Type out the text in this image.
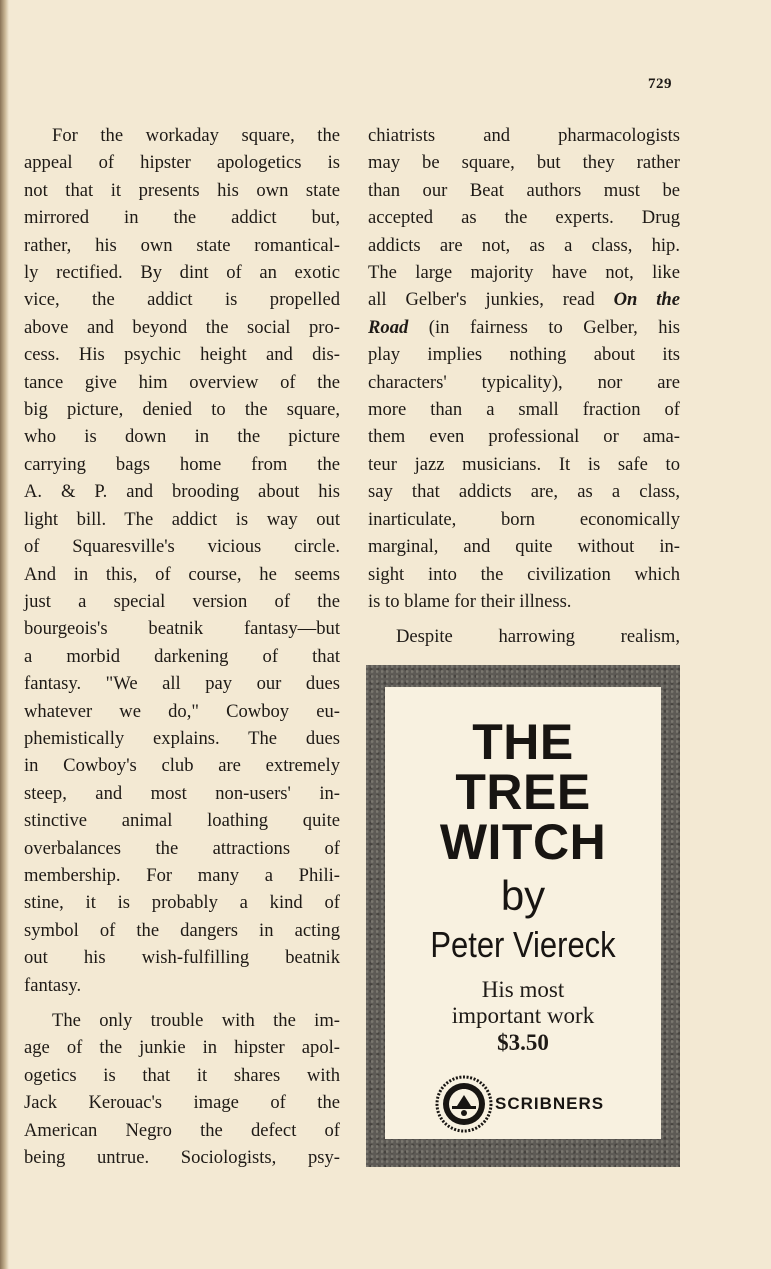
729
For the workaday square, the
appeal of hipster apologetics is
not that it presents his own state
mirrored in the addict but,
rather, his own state romantical-
ly rectified. By dint of an exotic
vice, the addict is propelled
above and beyond the social pro-
cess. His psychic height and dis-
tance give him overview of the
big picture, denied to the square,
who is down in the picture
carrying bags home from the
A. & P. and brooding about his
light bill. The addict is way out
of Squaresville's vicious circle.
And in this, of course, he seems
just a special version of the
bourgeois's beatnik fantasy—but
a morbid darkening of that
fantasy. "We all pay our dues
whatever we do," Cowboy eu-
phemistically explains. The dues
in Cowboy's club are extremely
steep, and most non-users' in-
stinctive animal loathing quite
overbalances the attractions of
membership. For many a Phili-
stine, it is probably a kind of
symbol of the dangers in acting
out his wish-fulfilling beatnik
fantasy.
The only trouble with the im-
age of the junkie in hipster apol-
ogetics is that it shares with
Jack Kerouac's image of the
American Negro the defect of
being untrue. Sociologists, psy-
chiatrists and pharmacologists
may be square, but they rather
than our Beat authors must be
accepted as the experts. Drug
addicts are not, as a class, hip.
The large majority have not, like
all Gelber's junkies, read On the
Road (in fairness to Gelber, his
play implies nothing about its
characters' typicality), nor are
more than a small fraction of
them even professional or ama-
teur jazz musicians. It is safe to
say that addicts are, as a class,
inarticulate, born economically
marginal, and quite without in-
sight into the civilization which
is to blame for their illness.
Despite harrowing realism,
THE
TREE
WITCH
by
Peter Viereck
His most
important work
$3.50
SCRIBNERS
